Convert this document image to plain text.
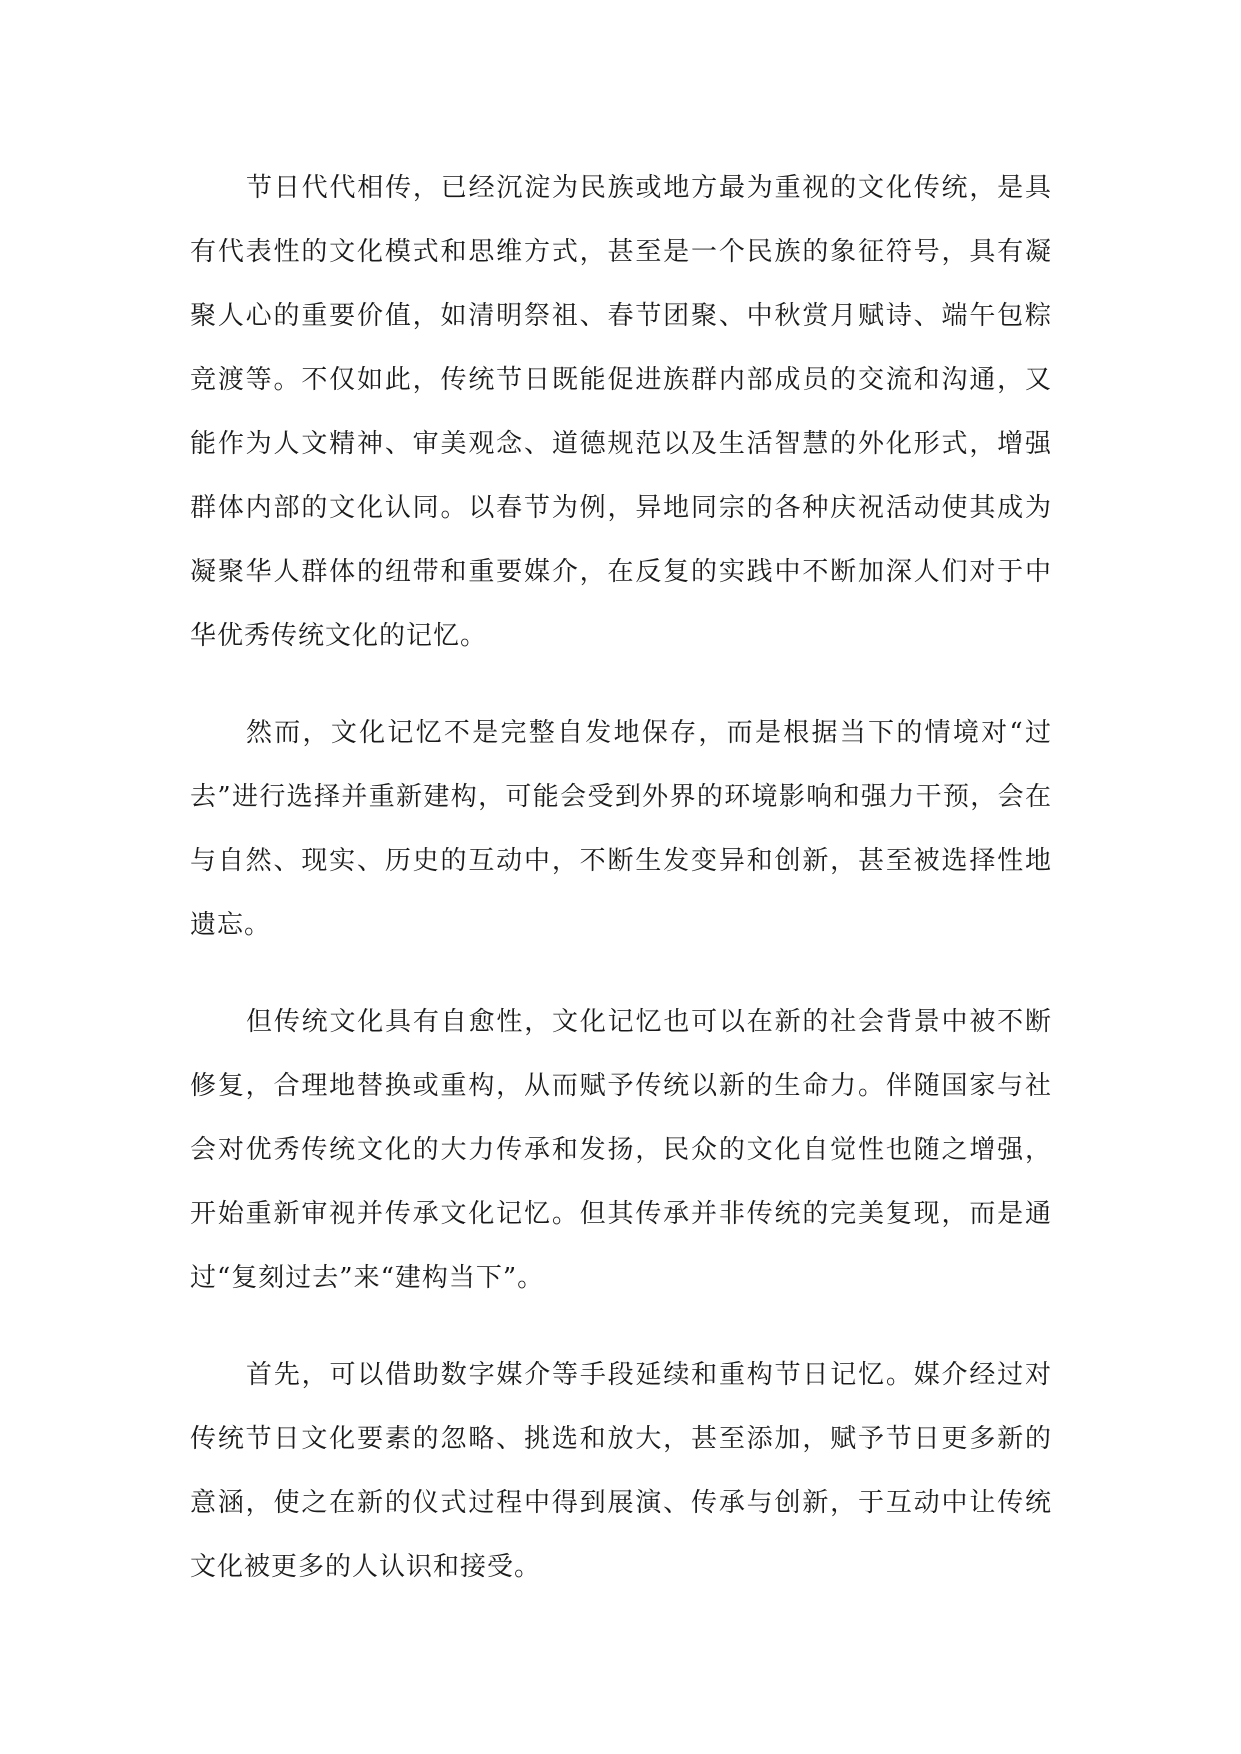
节日代代相传，已经沉淀为民族或地方最为重视的文化传统，是具有代表性的文化模式和思维方式，甚至是一个民族的象征符号，具有凝聚人心的重要价值，如清明祭祖、春节团聚、中秋赏月赋诗、端午包粽竞渡等。不仅如此，传统节日既能促进族群内部成员的交流和沟通，又能作为人文精神、审美观念、道德规范以及生活智慧的外化形式，增强群体内部的文化认同。以春节为例，异地同宗的各种庆祝活动使其成为凝聚华人群体的纽带和重要媒介，在反复的实践中不断加深人们对于中华优秀传统文化的记忆。

然而，文化记忆不是完整自发地保存，而是根据当下的情境对“过去”进行选择并重新建构，可能会受到外界的环境影响和强力干预，会在与自然、现实、历史的互动中，不断生发变异和创新，甚至被选择性地遗忘。

但传统文化具有自愈性，文化记忆也可以在新的社会背景中被不断修复，合理地替换或重构，从而赋予传统以新的生命力。伴随国家与社会对优秀传统文化的大力传承和发扬，民众的文化自觉性也随之增强，开始重新审视并传承文化记忆。但其传承并非传统的完美复现，而是通过“复刻过去”来“建构当下”。

首先，可以借助数字媒介等手段延续和重构节日记忆。媒介经过对传统节日文化要素的忽略、挑选和放大，甚至添加，赋予节日更多新的意涵，使之在新的仪式过程中得到展演、传承与创新，于互动中让传统文化被更多的人认识和接受。
